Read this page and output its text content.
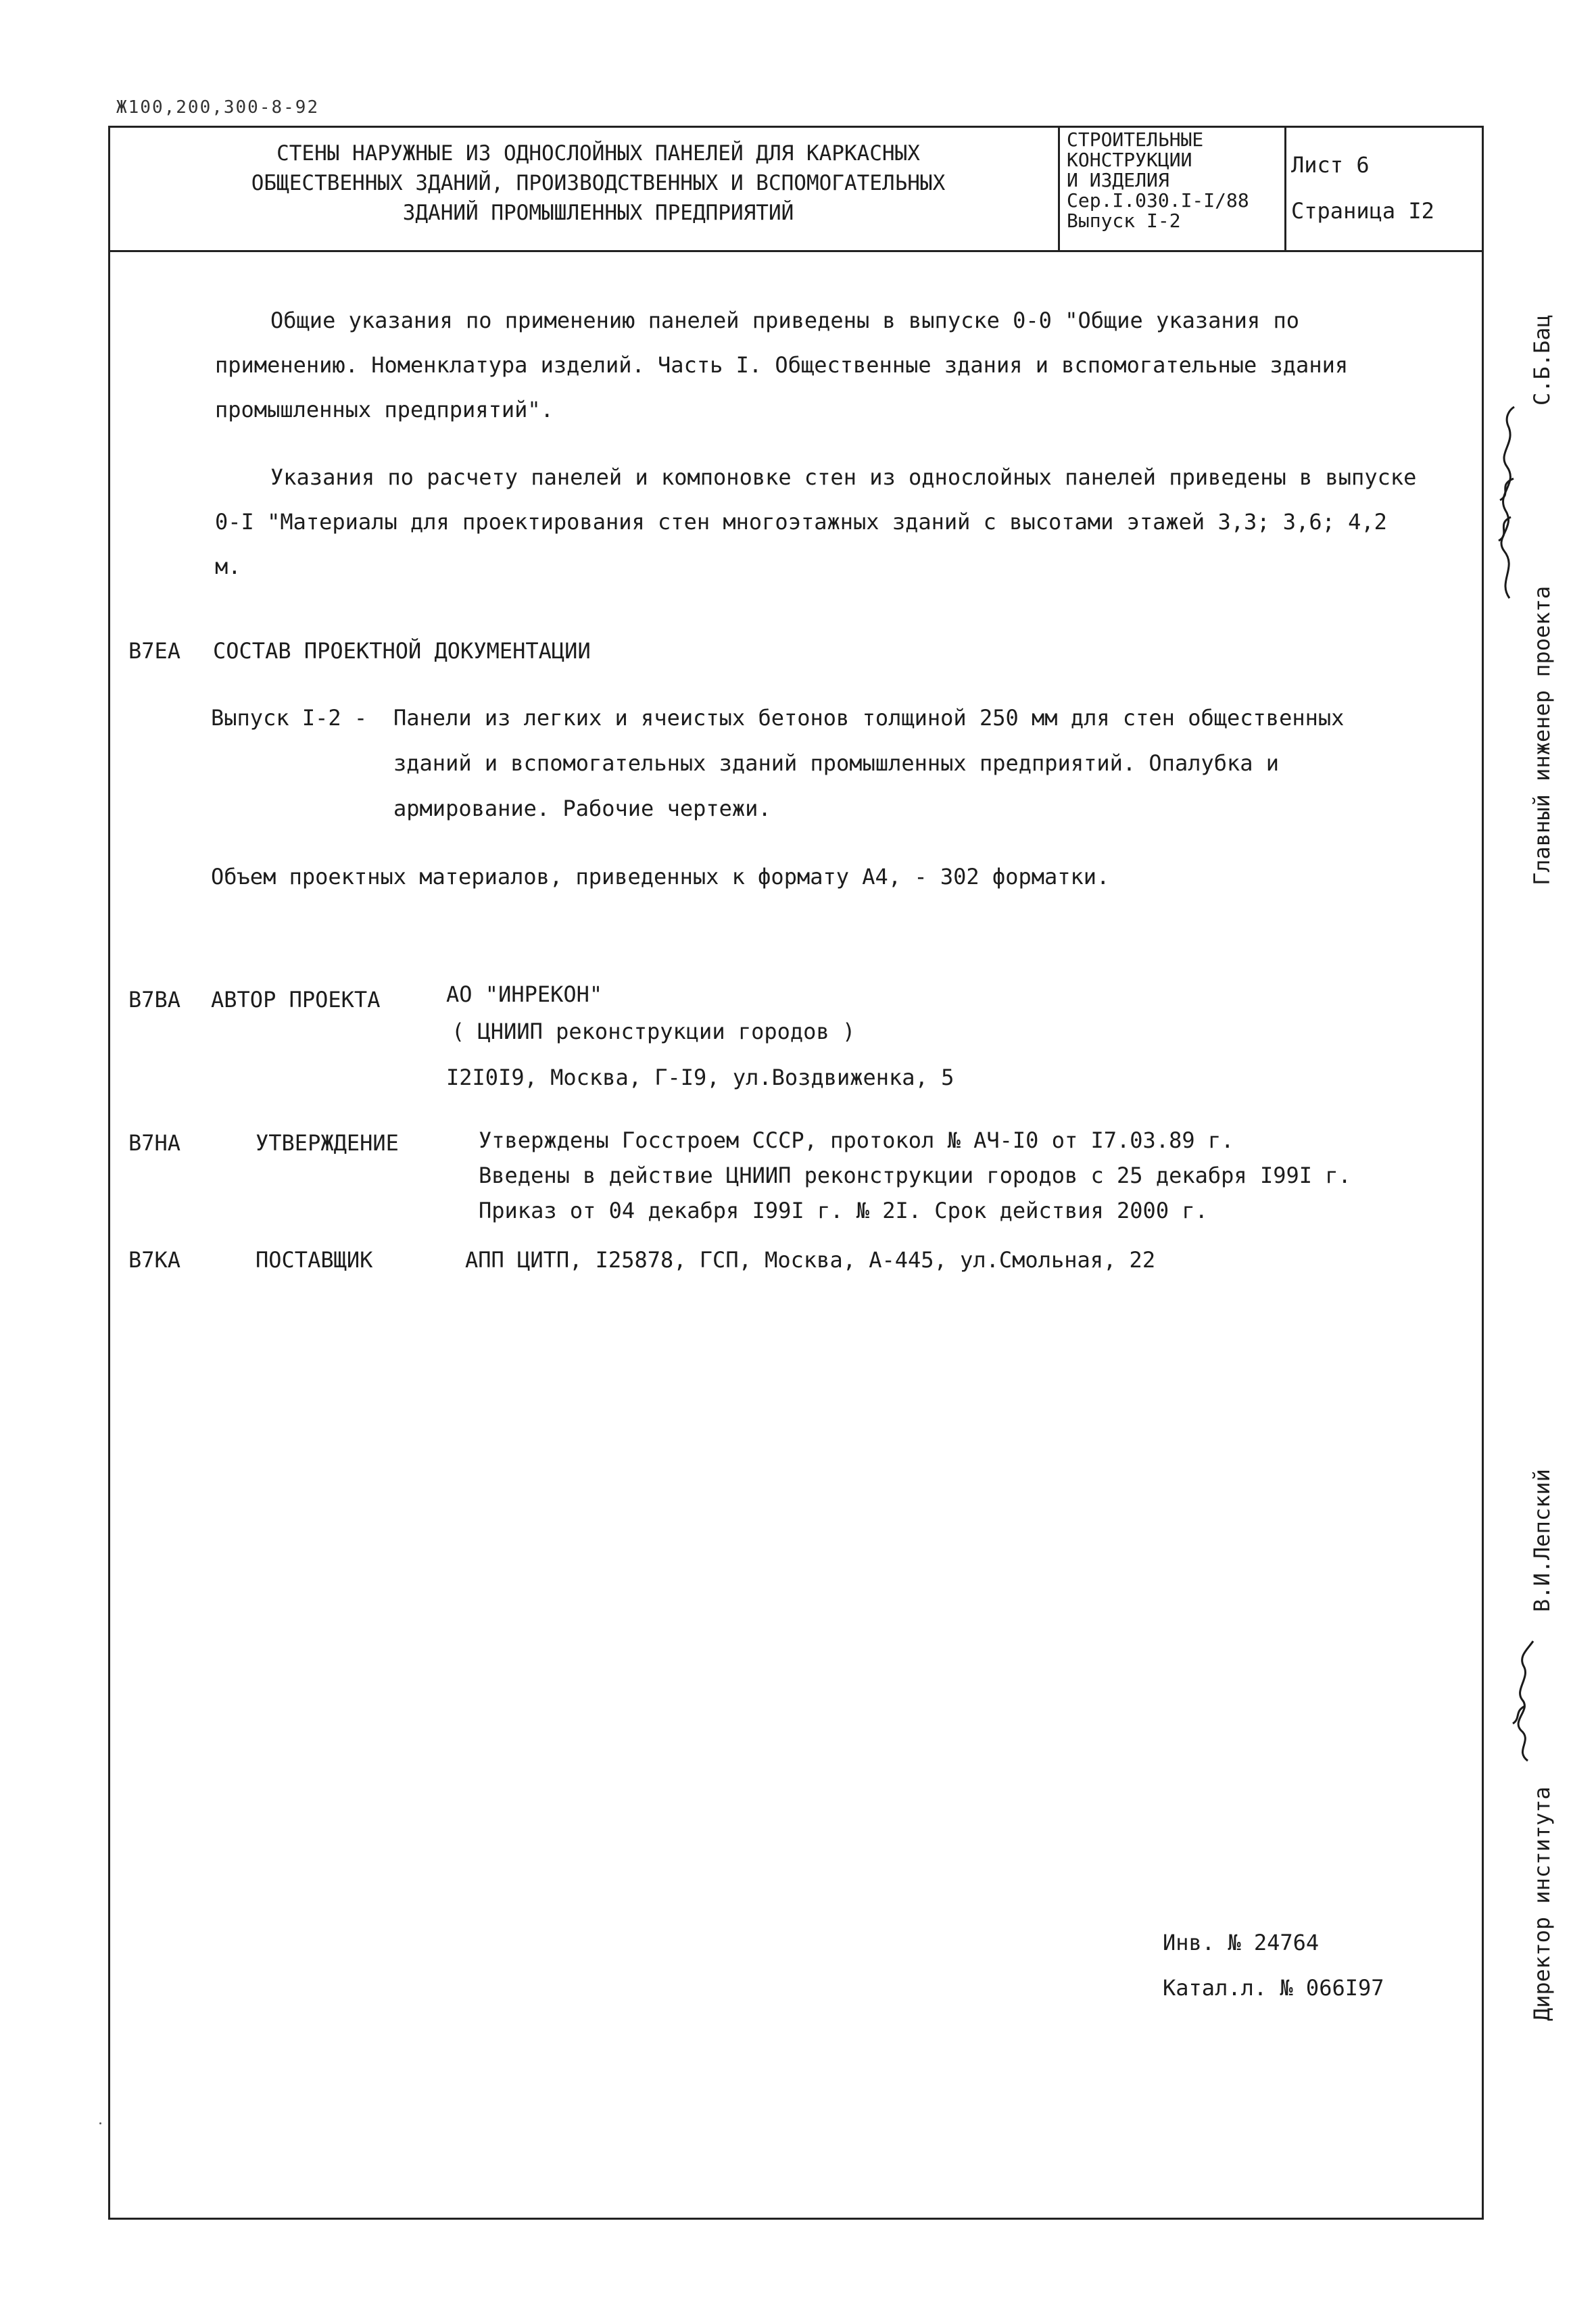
Ж100,200,300-8-92
СТЕНЫ НАРУЖНЫЕ ИЗ ОДНОСЛОЙНЫХ ПАНЕЛЕЙ ДЛЯ КАРКАСНЫХ
ОБЩЕСТВЕННЫХ ЗДАНИЙ, ПРОИЗВОДСТВЕННЫХ И ВСПОМОГАТЕЛЬНЫХ
ЗДАНИЙ ПРОМЫШЛЕННЫХ ПРЕДПРИЯТИЙ
СТРОИТЕЛЬНЫЕ
КОНСТРУКЦИИ
И ИЗДЕЛИЯ
Сер.I.030.I-I/88
Выпуск I-2
Лист 6
Страница I2
Общие указания по применению панелей приведены в выпуске 0-0 "Общие указания по применению. Номенклатура изделий. Часть I. Общественные здания и вспомогательные здания промышленных предприятий".
Указания по расчету панелей и компоновке стен из однослойных панелей приведены в выпуске 0-I "Материалы для проектирования стен многоэтажных зданий с высотами этажей 3,3; 3,6; 4,2 м.
B7EA СОСТАВ ПРОЕКТНОЙ ДОКУМЕНТАЦИИ
Выпуск I-2 - Панели из легких и ячеистых бетонов толщиной 250 мм для стен общественных
зданий и вспомогательных зданий промышленных предприятий. Опалубка и
армирование. Рабочие чертежи.
Объем проектных материалов, приведенных к формату А4, - 302 форматки.
B7BA АВТОР ПРОЕКТА	АО "ИНРЕКОН"
( ЦНИИП реконструкции городов )
I2I0I9, Москва, Г-I9, ул.Воздвиженка, 5
B7HA	УТВЕРЖДЕНИЕ	Утверждены Госстроем СССР, протокол № АЧ-I0 от I7.03.89 г.
Введены в действие ЦНИИП реконструкции городов с 25 декабря I99I г.
Приказ от 04 декабря I99I г. № 2I. Срок действия 2000 г.
B7KA	ПОСТАВЩИК	АПП ЦИТП, I25878, ГСП, Москва, А-445, ул.Смольная, 22
Инв. № 24764
Катал.л. № 066I97
Главный инженер проекта
С.Б.Бац
Директор института
В.И.Лепский
